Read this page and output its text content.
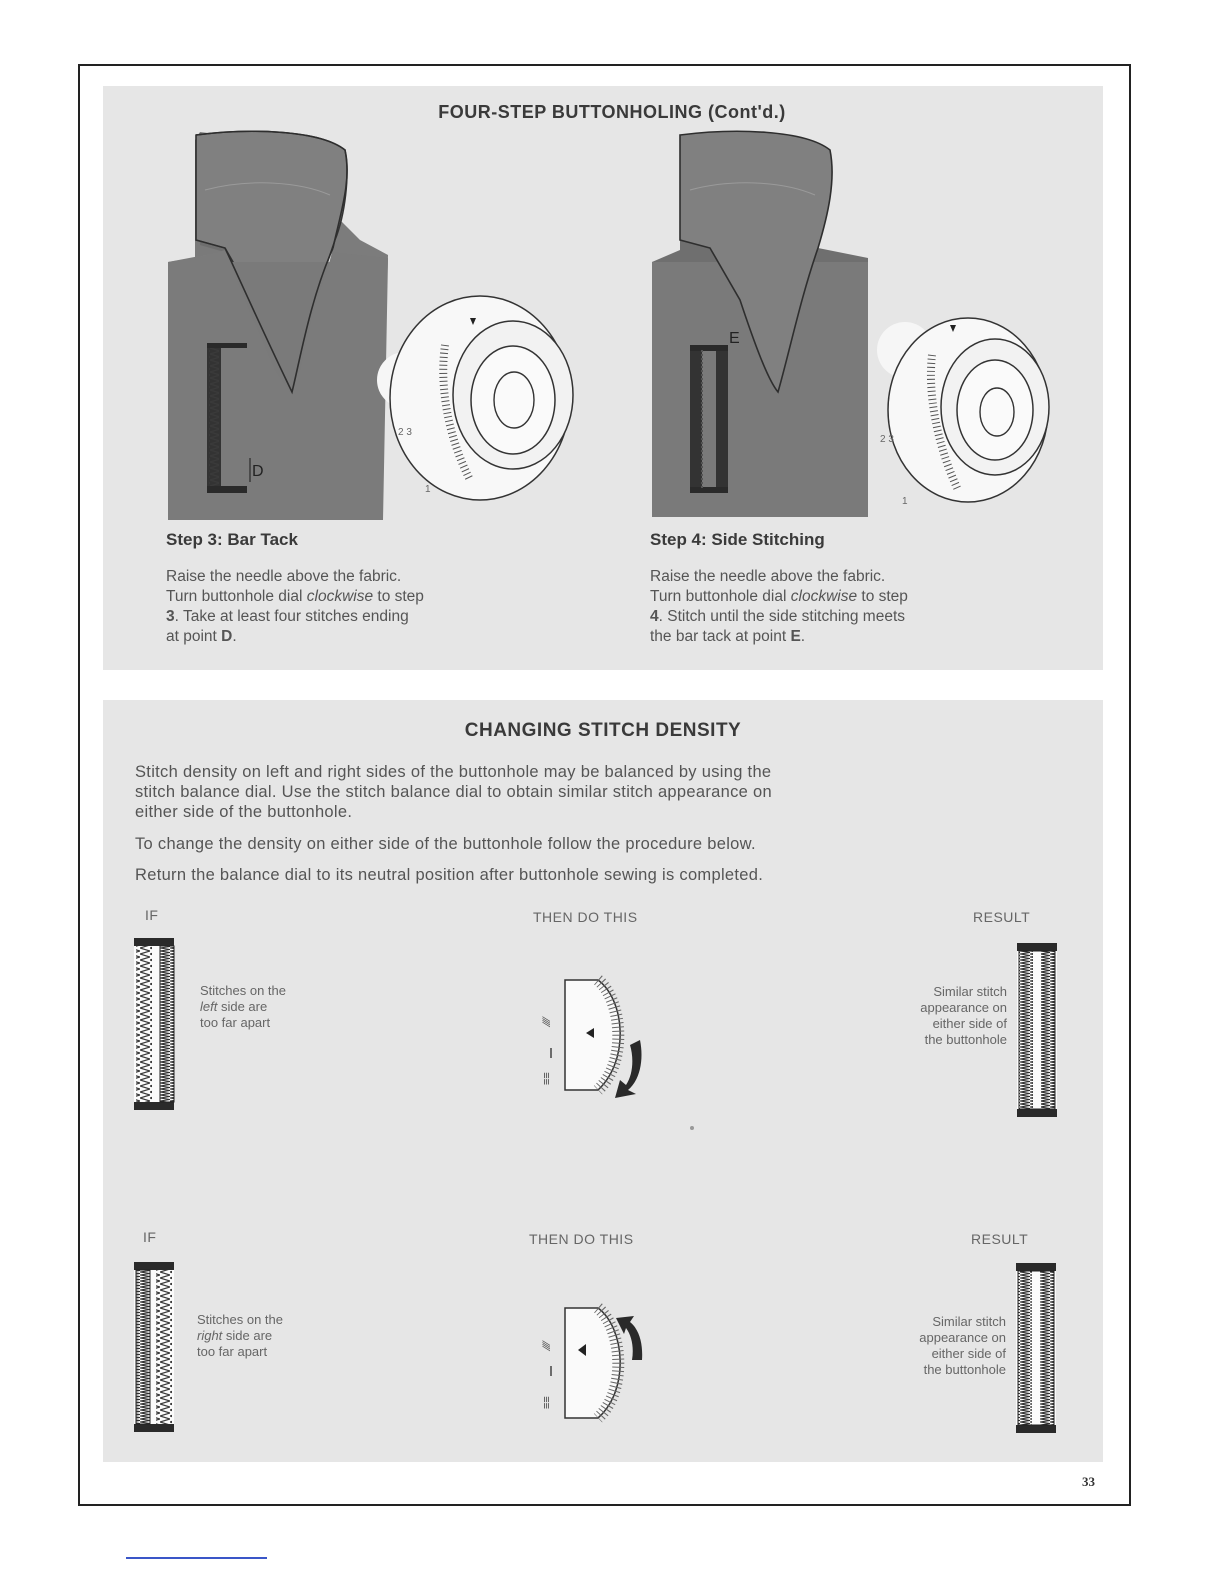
FOUR-STEP BUTTONHOLING (Cont'd.)
D
2 3
1
Step 3: Bar Tack
Raise the needle above the fabric.
Turn buttonhole dial clockwise to step
3. Take at least four stitches ending
at point D.
E
2 3
1
Step 4: Side Stitching
Raise the needle above the fabric.
Turn buttonhole dial clockwise to step
4. Stitch until the side stitching meets
the bar tack at point E.
CHANGING STITCH DENSITY
Stitch density on left and right sides of the buttonhole may be balanced by using the
stitch balance dial. Use the stitch balance dial to obtain similar stitch appearance on
either side of the buttonhole.
To change the density on either side of the buttonhole follow the procedure below.
Return the balance dial to its neutral position after buttonhole sewing is completed.
IF	THEN DO THIS	RESULT
∕∕∕∕
≡≡
Stitches on the
left side are
too far apart
Similar stitch
appearance on
either side of
the buttonhole
IF	THEN DO THIS	RESULT
∕∕∕∕
≡≡
Stitches on the
right side are
too far apart
Similar stitch
appearance on
either side of
the buttonhole
33
